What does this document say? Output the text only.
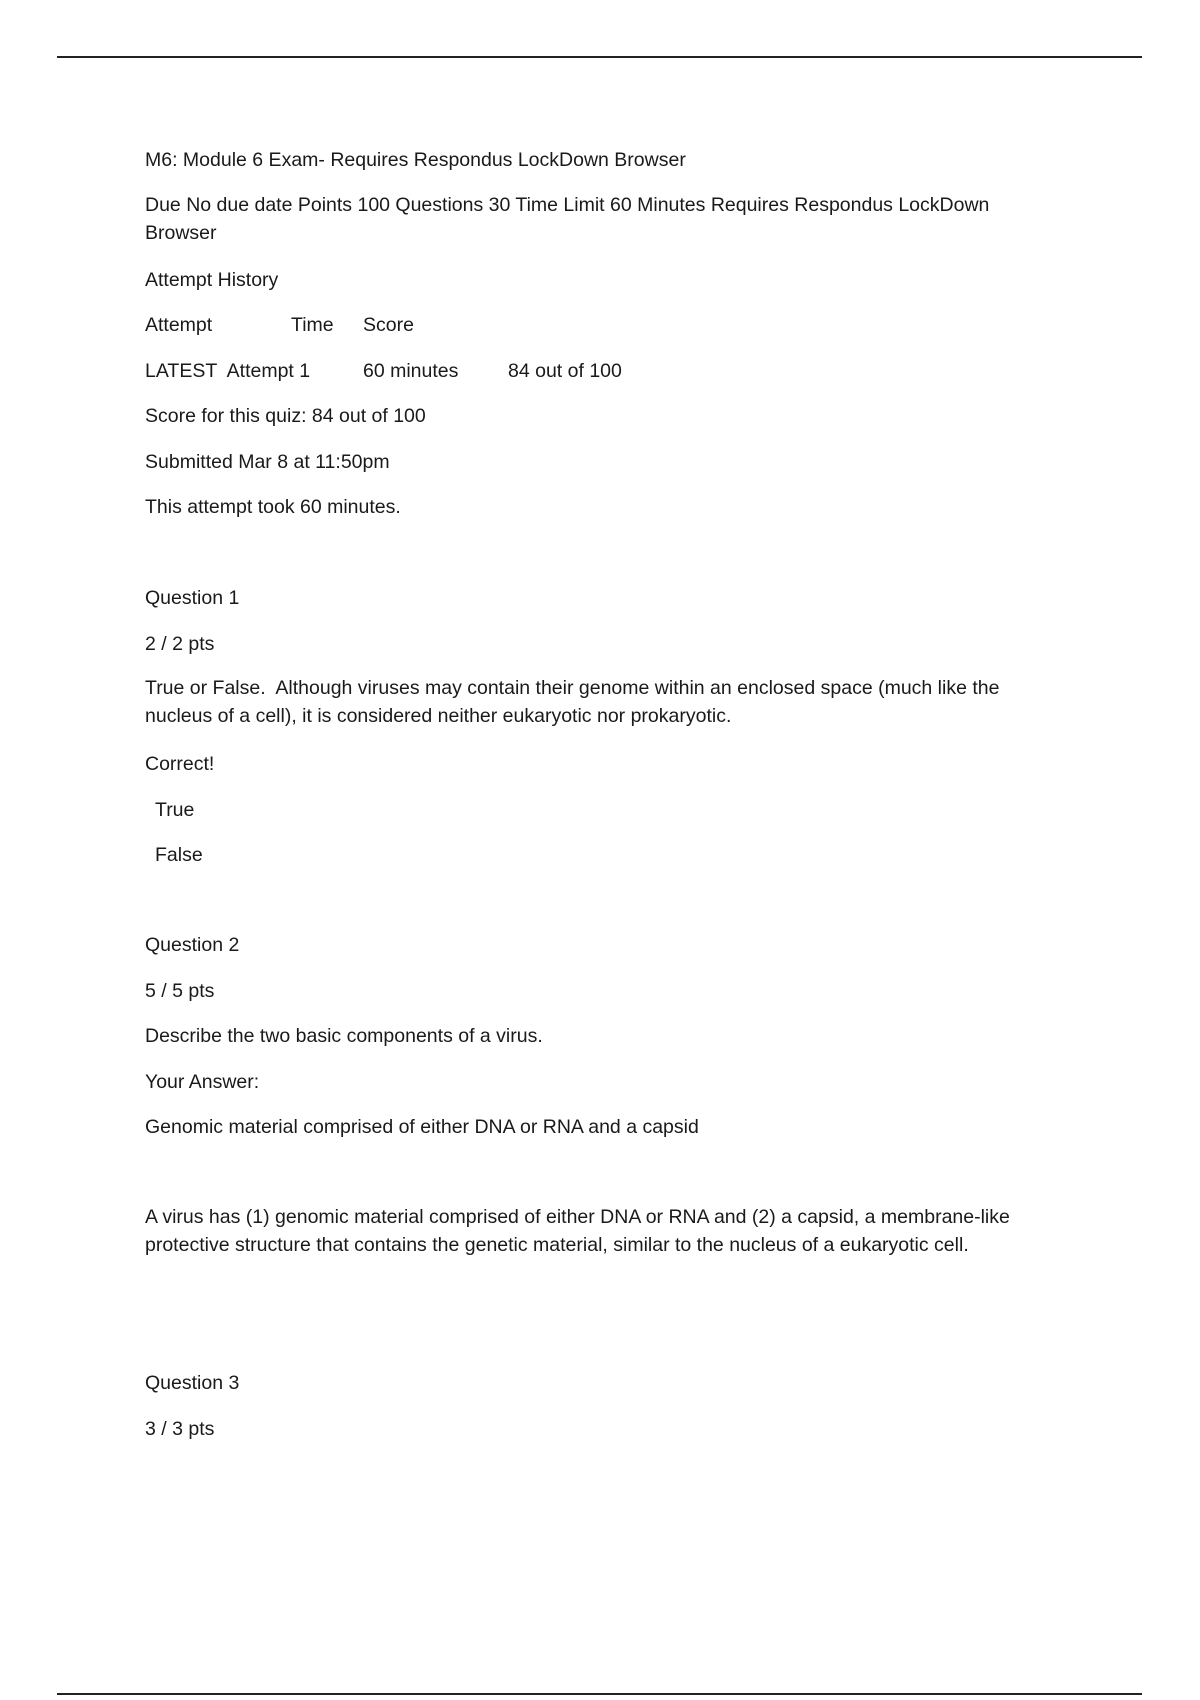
M6: Module 6 Exam- Requires Respondus LockDown Browser
Due No due date Points 100 Questions 30 Time Limit 60 Minutes Requires Respondus LockDown Browser
Attempt History
Attempt	Time Score
LATEST  Attempt 1	60 minutes	84 out of 100
Score for this quiz: 84 out of 100
Submitted Mar 8 at 11:50pm
This attempt took 60 minutes.
Question 1
2 / 2 pts
True or False.  Although viruses may contain their genome within an enclosed space (much like the nucleus of a cell), it is considered neither eukaryotic nor prokaryotic.
Correct!
True
False
Question 2
5 / 5 pts
Describe the two basic components of a virus.
Your Answer:
Genomic material comprised of either DNA or RNA and a capsid
A virus has (1) genomic material comprised of either DNA or RNA and (2) a capsid, a membrane-like protective structure that contains the genetic material, similar to the nucleus of a eukaryotic cell.
Question 3
3 / 3 pts
